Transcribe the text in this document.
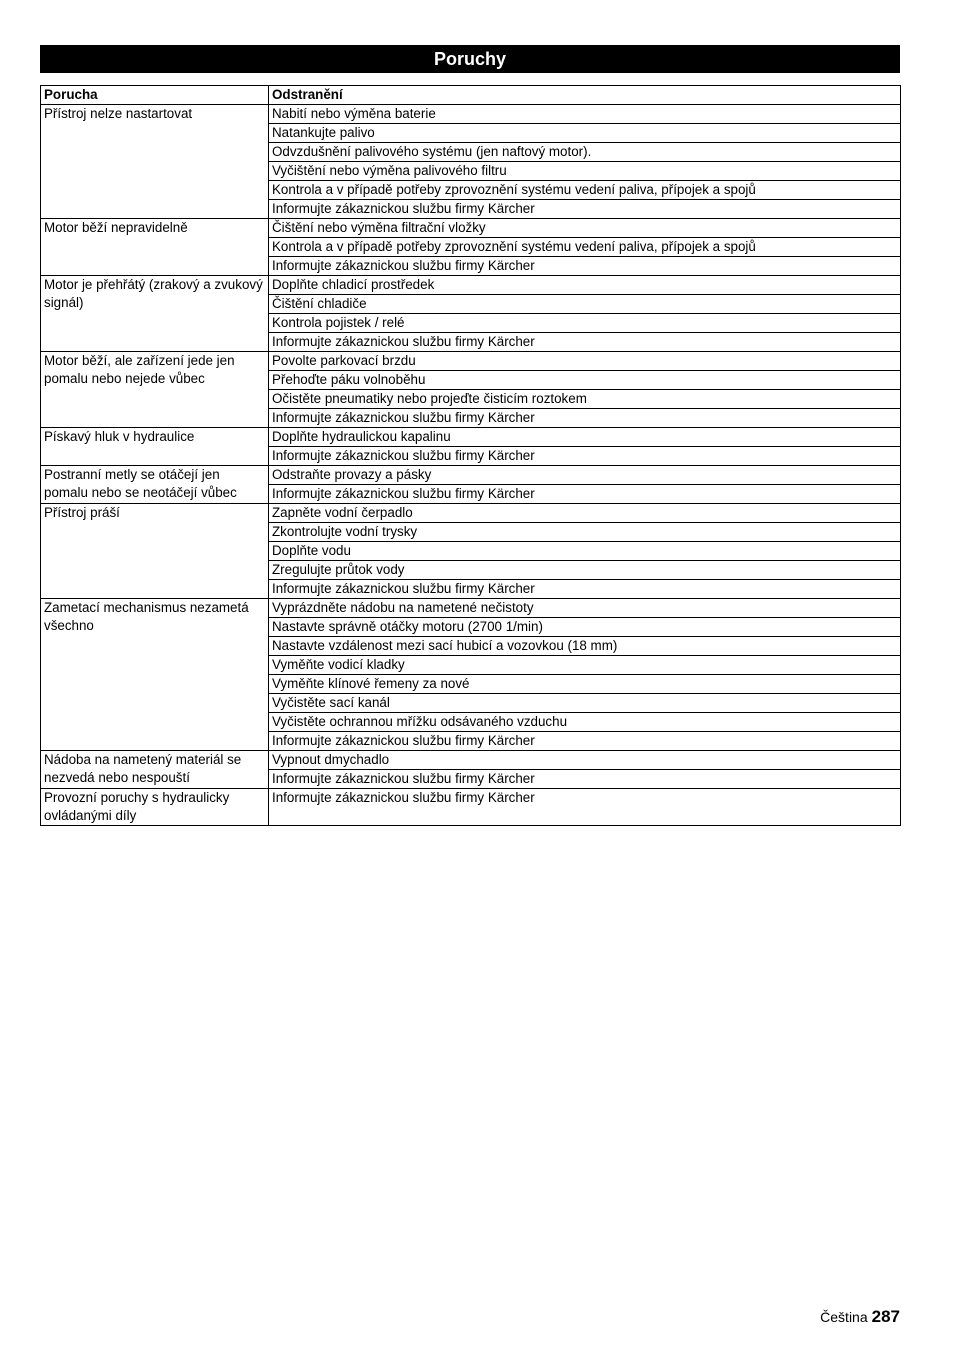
Poruchy
Porucha	Odstranění
Přístroj nelze nastartovat	Nabití nebo výměna baterie
	Natankujte palivo
	Odvzdušnění palivového systému (jen naftový motor).
	Vyčištění nebo výměna palivového filtru
	Kontrola a v případě potřeby zprovoznění systému vedení paliva, přípojek a spojů
	Informujte zákaznickou službu firmy Kärcher
Motor běží nepravidelně	Čištění nebo výměna filtrační vložky
	Kontrola a v případě potřeby zprovoznění systému vedení paliva, přípojek a spojů
	Informujte zákaznickou službu firmy Kärcher
Motor je přehřátý (zrakový a zvukový signál)	Doplňte chladicí prostředek
	Čištění chladiče
	Kontrola pojistek / relé
	Informujte zákaznickou službu firmy Kärcher
Motor běží, ale zařízení jede jen pomalu nebo nejede vůbec	Povolte parkovací brzdu
	Přehoďte páku volnoběhu
	Očistěte pneumatiky nebo projeďte čisticím roztokem
	Informujte zákaznickou službu firmy Kärcher
Pískavý hluk v hydraulice	Doplňte hydraulickou kapalinu
	Informujte zákaznickou službu firmy Kärcher
Postranní metly se otáčejí jen pomalu nebo se neotáčejí vůbec	Odstraňte provazy a pásky
	Informujte zákaznickou službu firmy Kärcher
Přístroj práší	Zapněte vodní čerpadlo
	Zkontrolujte vodní trysky
	Doplňte vodu
	Zregulujte průtok vody
	Informujte zákaznickou službu firmy Kärcher
Zametací mechanismus nezametá všechno	Vyprázdněte nádobu na nametené nečistoty
	Nastavte správně otáčky motoru (2700 1/min)
	Nastavte vzdálenost mezi sací hubicí a vozovkou (18 mm)
	Vyměňte vodicí kladky
	Vyměňte klínové řemeny za nové
	Vyčistěte sací kanál
	Vyčistěte ochrannou mřížku odsávaného vzduchu
	Informujte zákaznickou službu firmy Kärcher
Nádoba na nametený materiál se nezvedá nebo nespouští	Vypnout dmychadlo
	Informujte zákaznickou službu firmy Kärcher
Provozní poruchy s hydraulicky ovládanými díly	Informujte zákaznickou službu firmy Kärcher
Čeština 287
